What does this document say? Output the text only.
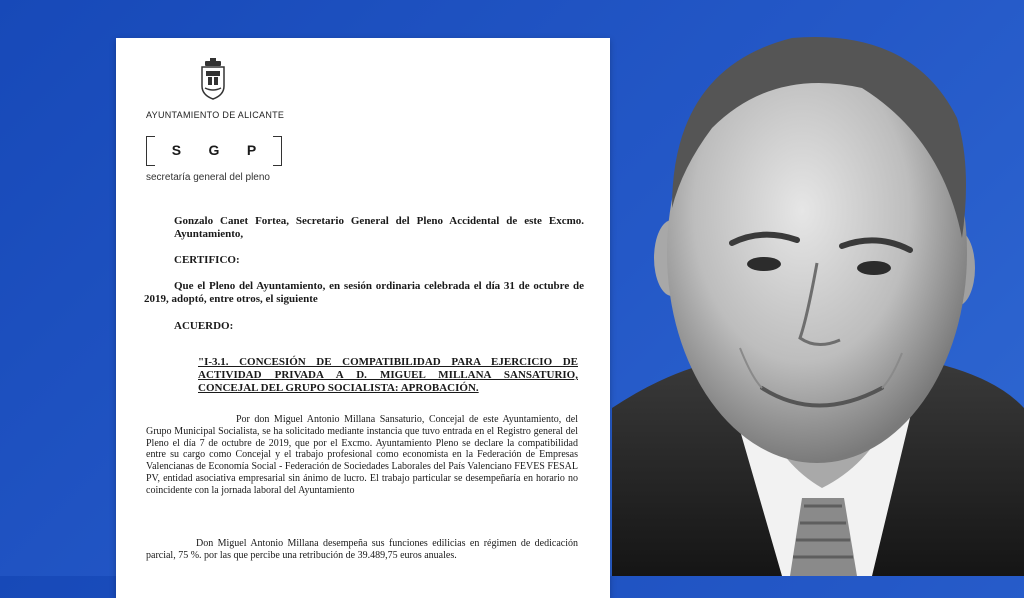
AYUNTAMIENTO DE ALICANTE
S G P
secretaría general del pleno
Gonzalo Canet Fortea, Secretario General del Pleno Accidental de este Excmo. Ayuntamiento,
CERTIFICO:
Que el Pleno del Ayuntamiento, en sesión ordinaria celebrada el día 31 de octubre de 2019, adoptó, entre otros, el siguiente
ACUERDO:
"I-3.1. CONCESIÓN DE COMPATIBILIDAD PARA EJERCICIO DE ACTIVIDAD PRIVADA A D. MIGUEL MILLANA SANSATURIO, CONCEJAL DEL GRUPO SOCIALISTA: APROBACIÓN.
Por don Miguel Antonio Millana Sansaturio, Concejal de este Ayuntamiento, del Grupo Municipal Socialista, se ha solicitado mediante instancia que tuvo entrada en el Registro general del Pleno el día 7 de octubre de 2019, que por el Excmo. Ayuntamiento Pleno se declare la compatibilidad entre su cargo como Concejal y el trabajo profesional como economista en la Federación de Empresas Valencianas de Economía Social - Federación de Sociedades Laborales del País Valenciano FEVES FESAL PV, entidad asociativa empresarial sin ánimo de lucro. El trabajo particular se desempeñaría en horario no coincidente con la jornada laboral del Ayuntamiento
Don Miguel Antonio Millana desempeña sus funciones edilicias en régimen de dedicación parcial, 75 %. por las que percibe una retribución de 39.489,75 euros anuales.
